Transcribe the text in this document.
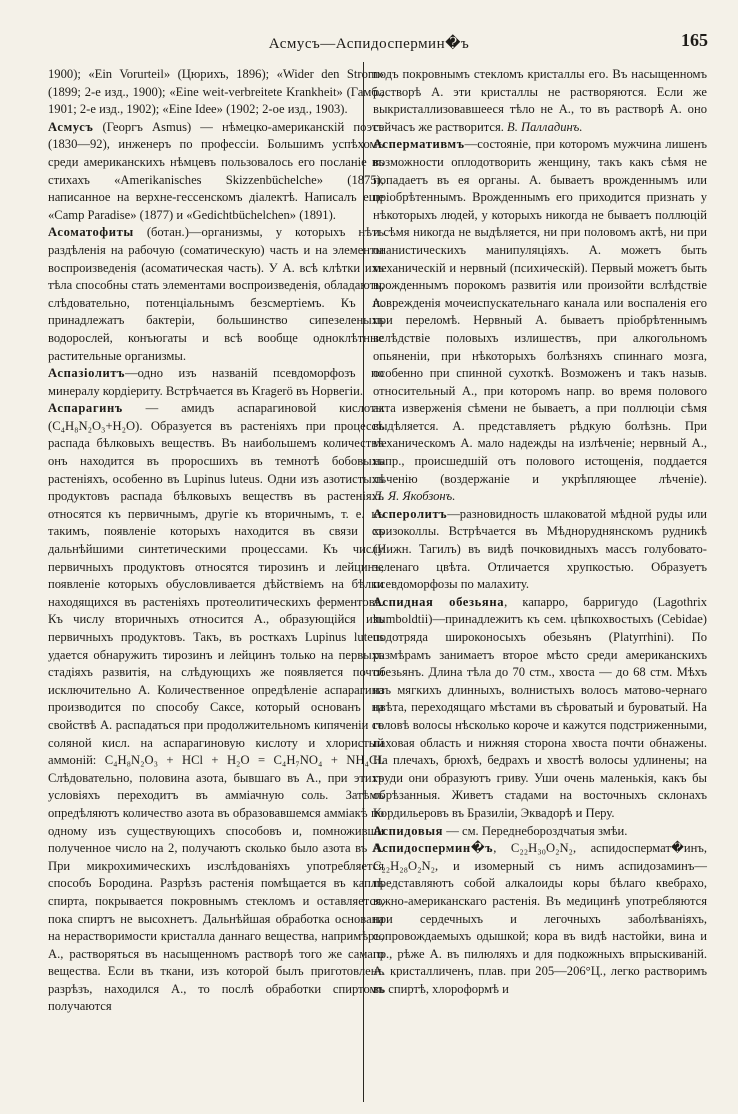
Асмусъ—Аспидоспермин�ъ	165

1900); «Ein Vorurteil» (Цюрихъ, 1896); «Wider den Strom» (1899; 2-е изд., 1900); «Eine weit-verbreitete Krankheit» (Гамб., 1901; 2-е изд., 1902); «Eine Idee» (1902; 2-ое изд., 1903).

Асмусъ (Георгъ Asmus) — нѣмецко-американскій поэтъ (1830—92), инженеръ по профессіи. Большимъ успѣхомъ среди американскихъ нѣмцевъ пользовалось его посланіе въ стихахъ «Amerikanisches Skizzenbüchelche» (1875), написанное на верхне-гессенскомъ діалектѣ. Написалъ еще «Camp Paradise» (1877) и «Gedichtbüchelchen» (1891).

Асоматофиты (ботан.)—организмы, у которыхъ нѣтъ раздѣленія на рабочую (соматическую) часть и на элементы воспроизведенія (асоматическая часть). У А. всѣ клѣтки ихъ тѣла способны стать элементами воспроизведенія, обладають, слѣдовательно, потенціальнымъ безсмертіемъ. Къ А. принадлежатъ бактеріи, большинство сипезеленыхъ водорослей, конъюгаты и всѣ вообще одноклѣтные растительные организмы.

Аспазіолитъ—одно изъ названій псевдоморфозъ по минералу кордіериту. Встрѣчается въ Kragerö въ Норвегіи.

Аспарагинъ — амидъ аспарагиновой кислоты (C₄H₈N₂O₃+H₂O). Образуется въ растеніяхъ при процессѣ распада бѣлковыхъ веществъ. Въ наибольшемъ количествѣ онъ находится въ проросшихъ въ темнотѣ бобовыхъ растеніяхъ, особенно въ Lupinus luteus. Одни изъ азотистыхъ продуктовъ распада бѣлковыхъ веществъ въ растеніяхъ относятся къ первичнымъ, другіе къ вторичнымъ, т. е. къ такимъ, появленіе которыхъ находится въ связи съ дальнѣйшими синтетическими процессами. Къ числу первичныхъ продуктовъ относятся тирозинъ и лейцинъ, появленіе которыхъ обусловливается дѣйствіемъ на бѣлки находящихся въ растеніяхъ протеолитическихъ ферментовъ. Къ числу вторичныхъ относится А., образующійся изъ первичныхъ продуктовъ. Такъ, въ росткахъ Lupinus luteus удается обнаружить тирозинъ и лейцинъ только на первыхъ стадіяхъ развитія, на слѣдующихъ же появляется почти исключительно А. Количественное опредѣленіе аспарагина производится по способу Саксе, который основанъ на свойствѣ А. распадаться при продолжительномъ кипяченіи съ соляной кисл. на аспарагиновую кислоту и хлористый аммоній: C₄H₈N₂O₃ + HCl + H₂O = C₄H₇NO₄ + NH₄Cl. Слѣдовательно, половина азота, бывшаго въ А., при этихъ условіяхъ переходитъ въ амміачную соль. Затѣмъ опредѣляютъ количество азота въ образовавшемся амміакѣ по одному изъ существующихъ способовъ и, помноживши полученное число на 2, получаютъ сколько было азота въ А. При микрохимическихъ изслѣдованіяхъ употребляется способъ Бородина. Разрѣзъ растенія помѣщается въ каплѣ спирта, покрывается покровнымъ стекломъ и оставляется, пока спиртъ не высохнетъ. Дальнѣйшая обработка основана на нерастворимости кристалла даннаго вещества, напримѣръ, А., растворяться въ насыщенномъ растворѣ того же самаго вещества. Если въ ткани, изъ которой былъ приготовленъ разрѣзъ, находился А., то послѣ обработки спиртомъ получаются

подъ покровнымъ стекломъ кристаллы его. Въ насыщенномъ растворѣ А. эти кристаллы не растворяются. Если же выкристаллизовавшееся тѣло не А., то въ растворѣ А. оно сейчасъ же растворится. В. Палладинъ.

Аспермативмъ—состояніе, при которомъ мужчина лишенъ возможности оплодотворить женщину, такъ какъ сѣмя не попадаетъ въ ея органы. А. бываетъ врожденнымъ или пріобрѣтеннымъ. Врожденнымъ его приходится признать у нѣкоторыхъ людей, у которыхъ никогда не бываетъ поллюцій и сѣмя никогда не выдѣляется, ни при половомъ актѣ, ни при онанистическихъ манипуляціяхъ. А. можетъ быть механическій и нервный (психическій). Первый можетъ быть врожденнымъ порокомъ развитія или произойти вслѣдствіе поврежденія мочеиспускательнаго канала или воспаленія его при переломѣ. Нервный А. бываетъ пріобрѣтеннымъ вслѣдствіе половыхъ излишествъ, при алкогольномъ опьяненіи, при нѣкоторыхъ болѣзняхъ спиннаго мозга, особенно при спинной сухоткѣ. Возможенъ и такъ назыв. относительный А., при которомъ напр. во время полового акта изверженія сѣмени не бываетъ, а при поллюціи сѣмя выдѣляется. А. представляетъ рѣдкую болѣзнь. При механическомъ А. мало надежды на излѣченіе; нервный А., напр., происшедшій отъ полового истощенія, поддается лѣченію (воздержаніе и укрѣпляющее лѣченіе). Л. Я. Якобзонъ.

Асперолитъ—разновидность шлаковатой мѣдной руды или хризоколлы. Встрѣчается въ Мѣдноруднянскомъ рудникѣ (Нижн. Тагилъ) въ видѣ почковидныхъ массъ голубовато-зеленаго цвѣта. Отличается хрупкостью. Образуетъ псевдоморфозы по малахиту.

Аспидная обезьяна, капарро, барригудо (Lagothrix humboldtii)—принадлежитъ къ сем. цѣпкохвостыхъ (Cebidae) подотряда широконосыхъ обезьянъ (Platyrrhini). По размѣрамъ занимаетъ второе мѣсто среди американскихъ обезьянъ. Длина тѣла до 70 стм., хвоста — до 68 стм. Мѣхъ изъ мягкихъ длинныхъ, волнистыхъ волосъ матово-чернаго цвѣта, переходящаго мѣстами въ сѣроватый и буроватый. На головѣ волосы нѣсколько короче и кажутся подстриженными, паховая область и нижняя сторона хвоста почти обнажены. На плечахъ, брюхѣ, бедрахъ и хвостѣ волосы удлинены; на груди они образуютъ гриву. Уши очень маленькія, какъ бы обрѣзанныя. Живетъ стадами на восточныхъ склонахъ Кордильеровъ въ Бразиліи, Эквадорѣ и Перу.

Аспидовыя — см. Переднебороздчатыя змѣи.

Аспидоспермин�ъ, C₂₂H₃₀O₂N₂, аспидоспермат�инъ, C₂₂H₂₈O₂N₂, и изомерный съ нимъ аспидозаминъ—представляютъ собой алкалоиды коры бѣлаго квебрахо, южно-американскаго растенія. Въ медицинѣ употребляются при сердечныхъ и легочныхъ заболѣваніяхъ, сопровождаемыхъ одышкой; кора въ видѣ настойки, вина и пр., рѣже А. въ пилюляхъ и для подкожныхъ впрыскиваній. А. кристалличенъ, плав. при 205—206°Ц., легко растворимъ въ спиртѣ, хлороформѣ и
